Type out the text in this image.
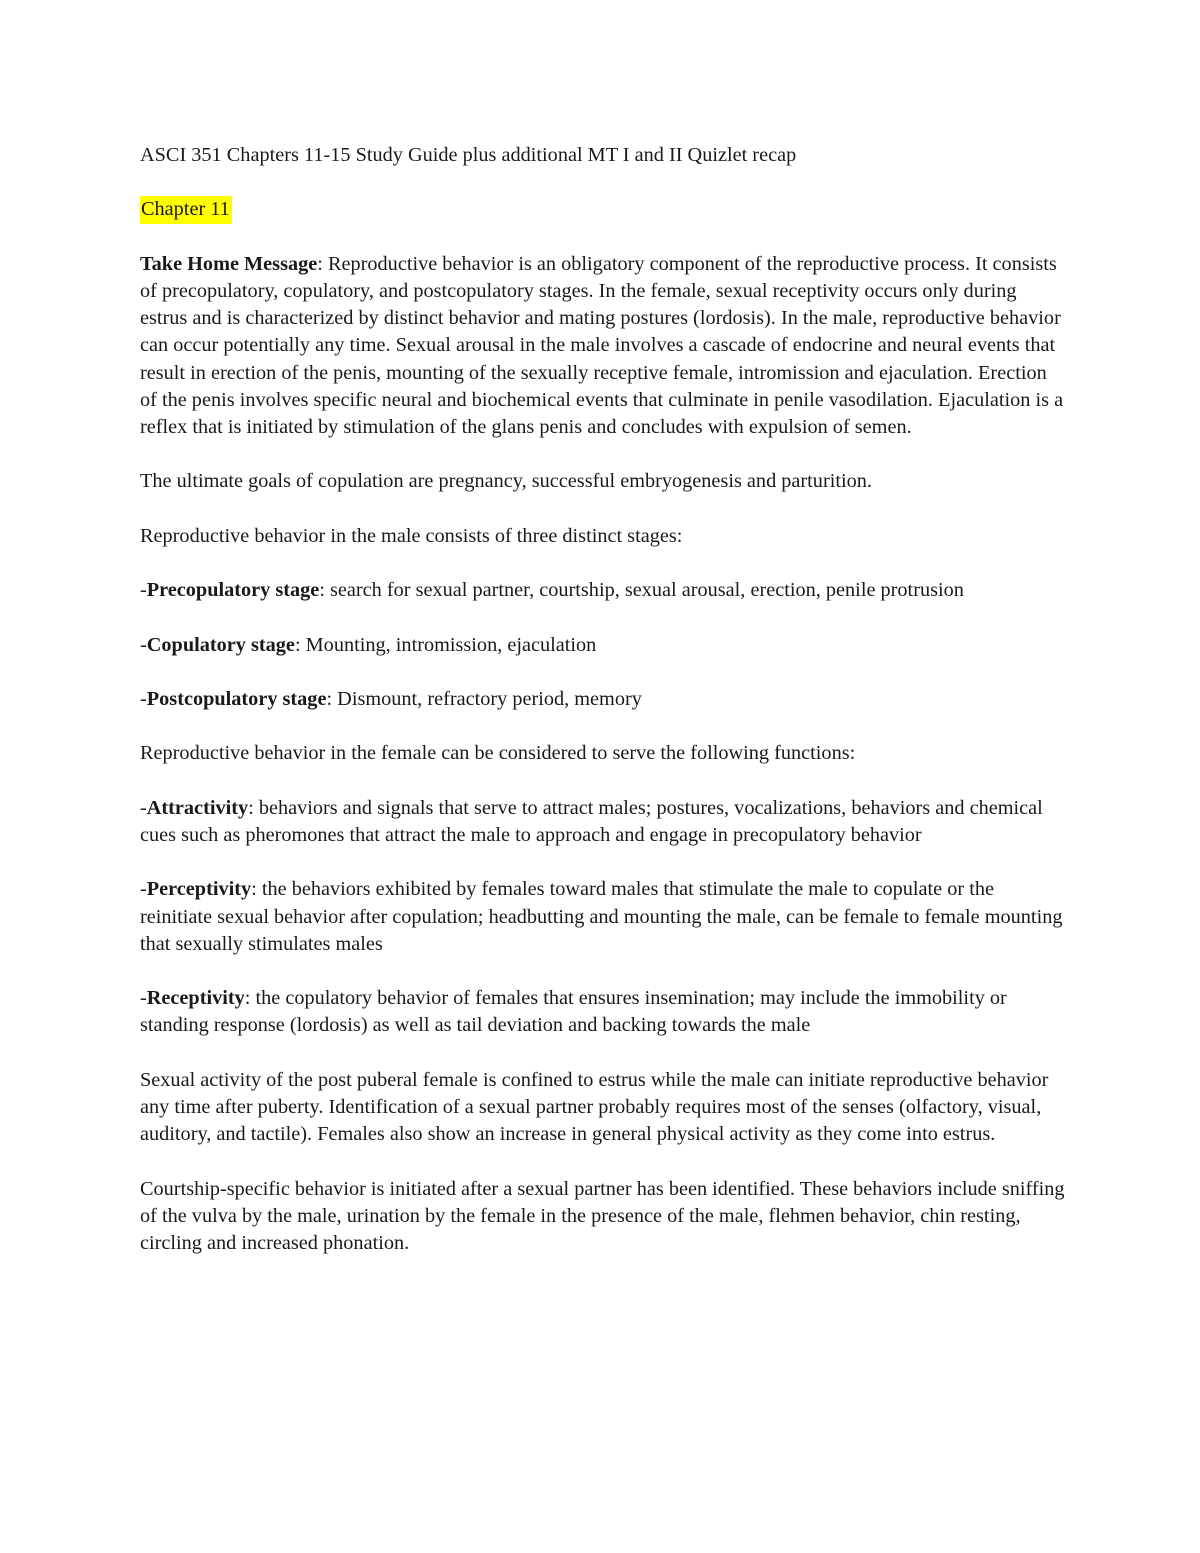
ASCI 351 Chapters 11-15 Study Guide plus additional MT I and II Quizlet recap

Chapter 11

Take Home Message: Reproductive behavior is an obligatory component of the reproductive process. It consists of precopulatory, copulatory, and postcopulatory stages. In the female, sexual receptivity occurs only during estrus and is characterized by distinct behavior and mating postures (lordosis). In the male, reproductive behavior can occur potentially any time. Sexual arousal in the male involves a cascade of endocrine and neural events that result in erection of the penis, mounting of the sexually receptive female, intromission and ejaculation. Erection of the penis involves specific neural and biochemical events that culminate in penile vasodilation. Ejaculation is a reflex that is initiated by stimulation of the glans penis and concludes with expulsion of semen.

The ultimate goals of copulation are pregnancy, successful embryogenesis and parturition.

Reproductive behavior in the male consists of three distinct stages:

-Precopulatory stage: search for sexual partner, courtship, sexual arousal, erection, penile protrusion

-Copulatory stage: Mounting, intromission, ejaculation

-Postcopulatory stage: Dismount, refractory period, memory

Reproductive behavior in the female can be considered to serve the following functions:

-Attractivity: behaviors and signals that serve to attract males; postures, vocalizations, behaviors and chemical cues such as pheromones that attract the male to approach and engage in precopulatory behavior

-Perceptivity: the behaviors exhibited by females toward males that stimulate the male to copulate or the reinitiate sexual behavior after copulation; headbutting and mounting the male, can be female to female mounting that sexually stimulates males

-Receptivity: the copulatory behavior of females that ensures insemination; may include the immobility or standing response (lordosis) as well as tail deviation and backing towards the male

Sexual activity of the post puberal female is confined to estrus while the male can initiate reproductive behavior any time after puberty. Identification of a sexual partner probably requires most of the senses (olfactory, visual, auditory, and tactile). Females also show an increase in general physical activity as they come into estrus.

Courtship-specific behavior is initiated after a sexual partner has been identified. These behaviors include sniffing of the vulva by the male, urination by the female in the presence of the male, flehmen behavior, chin resting, circling and increased phonation.
